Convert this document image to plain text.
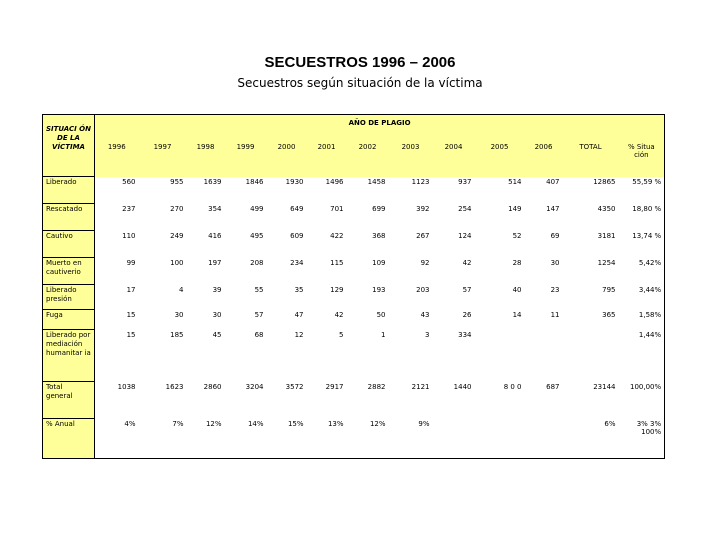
SECUESTROS 1996 – 2006
Secuestros según situación de la víctima
SITUACI ÓN DE LA VÍCTIMA	AÑO DE PLAGIO												
	1996	1997	1998	1999	2000	2001	2002	2003	2004	2005	2006	TOTAL	% Situa ción
Liberado	560	955	1639	1846	1930	1496	1458	1123	937	514	407	12865	55,59 %
Rescatado	237	270	354	499	649	701	699	392	254	149	147	4350	18,80 %
Cautivo	110	249	416	495	609	422	368	267	124	52	69	3181	13,74 %
Muerto en cautiverio	99	100	197	208	234	115	109	92	42	28	30	1254	5,42%
Liberado presión	17	4	39	55	35	129	193	203	57	40	23	795	3,44%
Fuga	15	30	30	57	47	42	50	43	26	14	11	365	1,58%
Liberado por mediación humanitar ia	15	185	45	68	12	5	1	3	334				1,44%
Total general	1038	1623	2860	3204	3572	2917	2882	2121	1440	8 0 0	687	23144	100,00%
% Anual	4%	7%	12%	14%	15%	13%	12%	9%				6%	3% 3% 100%
